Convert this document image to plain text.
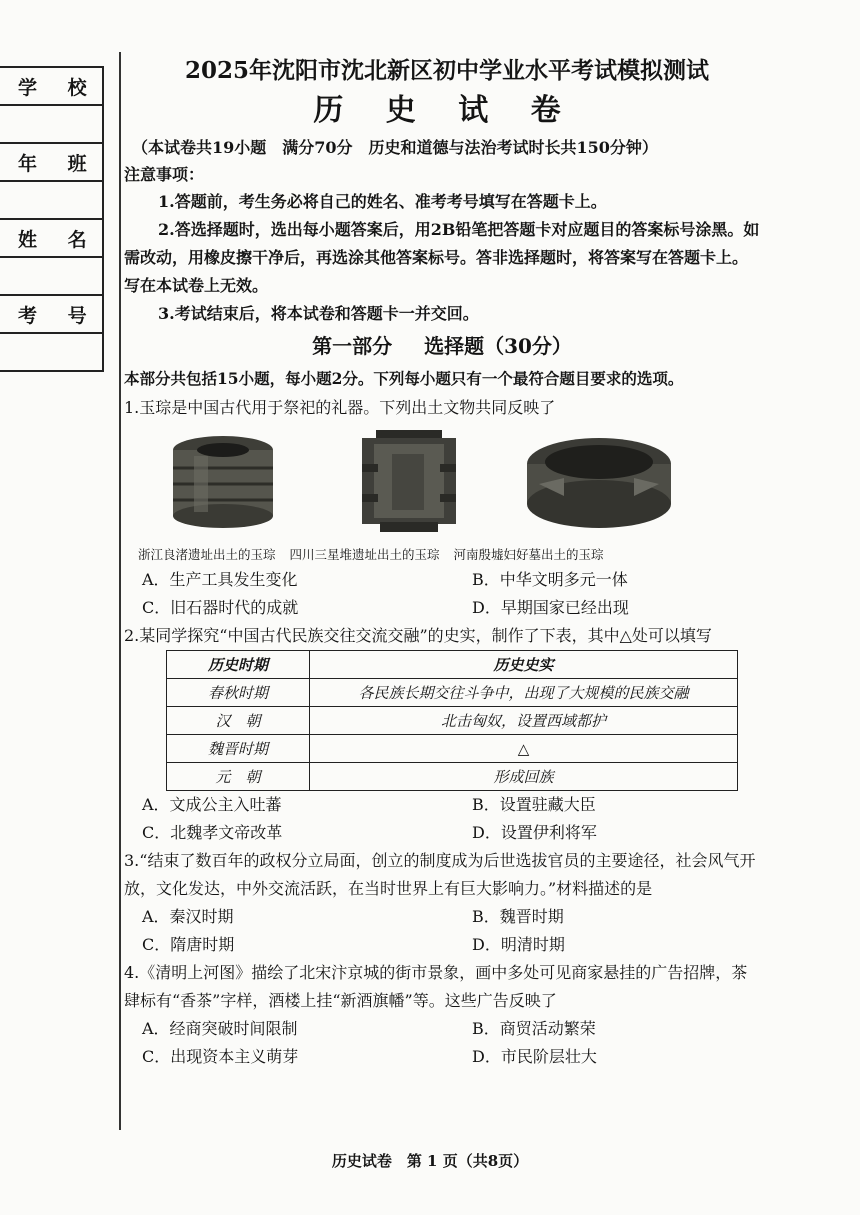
学 校
年 班
姓 名
考 号
2025年沈阳市沈北新区初中学业水平考试模拟测试
历 史 试 卷
（本试卷共19小题　满分70分　历史和道德与法治考试时长共150分钟）
注意事项：
1.答题前，考生务必将自己的姓名、准考考号填写在答题卡上。
2.答选择题时，选出每小题答案后，用2B铅笔把答题卡对应题目的答案标号涂黑。如需改动，用橡皮擦干净后，再选涂其他答案标号。答非选择题时，将答案写在答题卡上。写在本试卷上无效。
3.考试结束后，将本试卷和答题卡一并交回。
第一部分 选择题（30分）
本部分共包括15小题，每小题2分。下列每小题只有一个最符合题目要求的选项。
1.玉琮是中国古代用于祭祀的礼器。下列出土文物共同反映了
浙江良渚遗址出土的玉琮 四川三星堆遗址出土的玉琮 河南殷墟妇好墓出土的玉琮
A．生产工具发生变化	B．中华文明多元一体
C．旧石器时代的成就	D．早期国家已经出现
2.某同学探究“中国古代民族交往交流交融”的史实，制作了下表，其中△处可以填写
历史时期	历史史实
春秋时期	各民族长期交往斗争中，出现了大规模的民族交融
汉　朝	北击匈奴，设置西域都护
魏晋时期	△
元　朝	形成回族
A．文成公主入吐蕃	B．设置驻藏大臣
C．北魏孝文帝改革	D．设置伊利将军
3.“结束了数百年的政权分立局面，创立的制度成为后世选拔官员的主要途径，社会风气开放，文化发达，中外交流活跃，在当时世界上有巨大影响力。”材料描述的是
A．秦汉时期	B．魏晋时期
C．隋唐时期	D．明清时期
4.《清明上河图》描绘了北宋汴京城的街市景象，画中多处可见商家悬挂的广告招牌，茶肆标有“香茶”字样，酒楼上挂“新酒旗幡”等。这些广告反映了
A．经商突破时间限制	B．商贸活动繁荣
C．出现资本主义萌芽	D．市民阶层壮大
历史试卷　第 1 页（共8页）
